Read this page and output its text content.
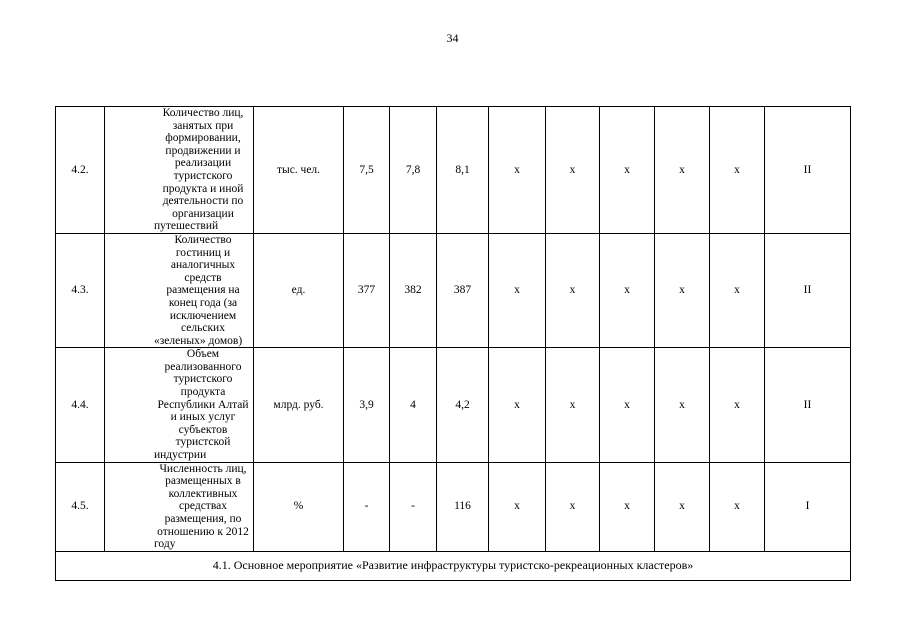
34
4.2.	Количество лиц, занятых при формировании, продвижении и реализации туристского продукта и иной деятельности по организации путешествий	тыс. чел.	7,5	7,8	8,1	х	х	х	х	х	II
4.3.	Количество гостиниц и аналогичных средств размещения на конец года (за исключением сельских «зеленых» домов)	ед.	377	382	387	х	х	х	х	х	II
4.4.	Объем реализованного туристского продукта Республики Алтай и иных услуг субъектов туристской индустрии	млрд. руб.	3,9	4	4,2	х	х	х	х	х	II
4.5.	Численность лиц, размещенных в коллективных средствах размещения, по отношению к 2012 году	%	-	-	116	х	х	х	х	х	I
4.1. Основное мероприятие «Развитие инфраструктуры туристско-рекреационных кластеров»											
